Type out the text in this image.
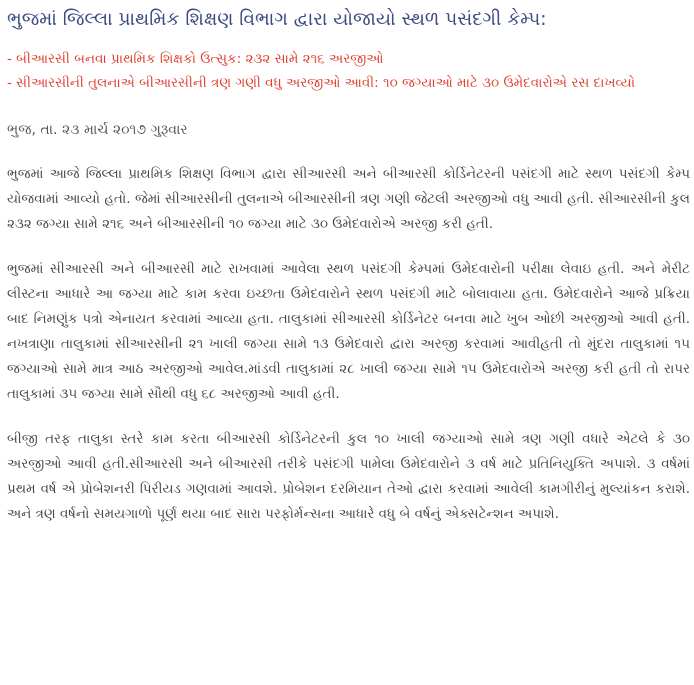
ભુજમાં જિલ્લા પ્રાથમિક શિક્ષણ વિભાગ દ્વારા યોજાયો સ્થળ પસંદગી કેમ્પ:

- બીઆરસી બનવા પ્રાથમિક શિક્ષકો ઉત્સુક: ૨૩૨ સામે ૨૧૬ અરજીઓ

- સીઆરસીની તુલનાએ બીઆરસીની ત્રણ ગણી વધુ અરજીઓ આવી: ૧૦ જગ્યાઓ માટે ૩૦ ઉમેદવારોએ રસ દાખવ્યો

ભુજ, તા. ૨૩ માર્ચ ૨૦૧૭ ગુરૂવાર

ભુજમાં આજે જિલ્લા પ્રાથમિક શિક્ષણ વિભાગ દ્વારા સીઆરસી અને બીઆરસી કોર્ડિનેટરની પસંદગી માટે સ્થળ પસંદગી કેમ્પ યોજવામાં આવ્યો હતો. જેમાં સીઆરસીની તુલનાએ બીઆરસીની ત્રણ ગણી જેટલી અરજીઓ વધુ આવી હતી. સીઆરસીની કુલ ૨૩૨ જગ્યા સામે ૨૧૬ અને બીઆરસીની ૧૦ જગ્યા માટે ૩૦ ઉમેદવારોએ અરજી કરી હતી.

ભુજમાં સીઆરસી અને બીઆરસી માટે રાખવામાં આવેલા સ્થળ પસંદગી કેમ્પમાં ઉમેદવારોની પરીક્ષા લેવાઇ હતી. અને મેરીટ લીસ્ટના આધારે આ જગ્યા માટે કામ કરવા ઇચ્છતા ઉમેદવારોને સ્થળ પસંદગી માટે બોલાવાયા હતા. ઉમેદવારોને આજે પ્રક્રિયા બાદ નિમણુંક પત્રો એનાયત કરવામાં આવ્યા હતા. તાલુકામાં સીઆરસી કોર્ડિનેટર બનવા માટે ખુબ ઓછી અરજીઓ આવી હતી. નખત્રાણા તાલુકામાં સીઆરસીની ૨૧ ખાલી જગ્યા સામે ૧૩ ઉમેદવારો દ્વારા અરજી કરવામાં આવીહતી તો મુંદરા તાલુકામાં ૧૫ જગ્યાઓ સામે માત્ર આઠ અરજીઓ આવેલ.માંડવી તાલુકામાં ૨૮ ખાલી જગ્યા સામે ૧૫ ઉમેદવારોએ અરજી કરી હતી તો રાપર તાલુકામાં ૩૫ જગ્યા સામે સૌથી વધુ ૬૮ અરજીઓ આવી હતી.

બીજી તરફ તાલુકા સ્તરે કામ કરતા બીઆરસી કોર્ડિનેટરની કુલ ૧૦ ખાલી જગ્યાઓ સામે ત્રણ ગણી વધારે એટલે કે ૩૦ અરજીઓ આવી હતી.સીઆરસી અને બીઆરસી તરીકે પસંદગી પામેલા ઉમેદવારોને ૩ વર્ષ માટે પ્રતિનિયુક્તિ અપાશે. ૩ વર્ષમાં પ્રથમ વર્ષ એ પ્રોબેશનરી પિરીયડ ગણવામાં આવશે. પ્રોબેશન દરમિયાન તેઓ દ્વારા કરવામાં આવેલી કામગીરીનું મુલ્યાંકન કરાશે. અને ત્રણ વર્ષનો સમયગાળો પૂર્ણ થયા બાદ સારા પરફોર્મન્સના આધારે વધુ બે વર્ષનું એક્સટેન્શન અપાશે.
